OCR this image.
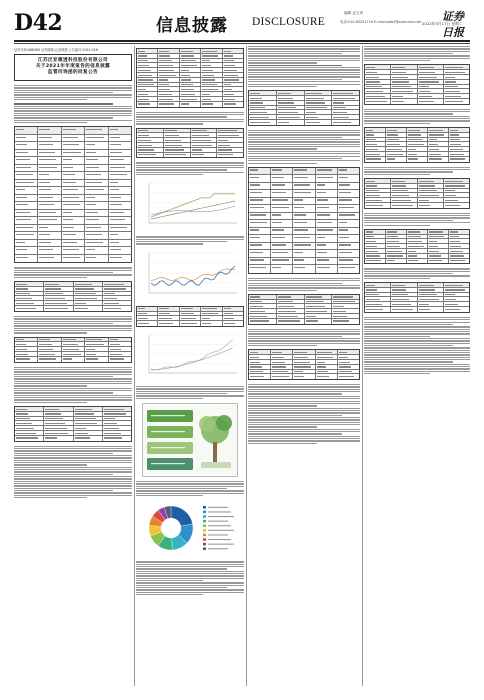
D42	信息披露 DISCLOSURE
编辑 孟玉秀
电话:010-83251716 E-mail:zqrb9@zqrb.sina.net 证券日报
2022年5月17日 星期二
证券代码:688386 证券简称:泛亚微透 公告编号:2022-026
江苏泛亚微透科技股份有限公司
关于2021年年度报告的信息披露
监管问询函的回复公告
